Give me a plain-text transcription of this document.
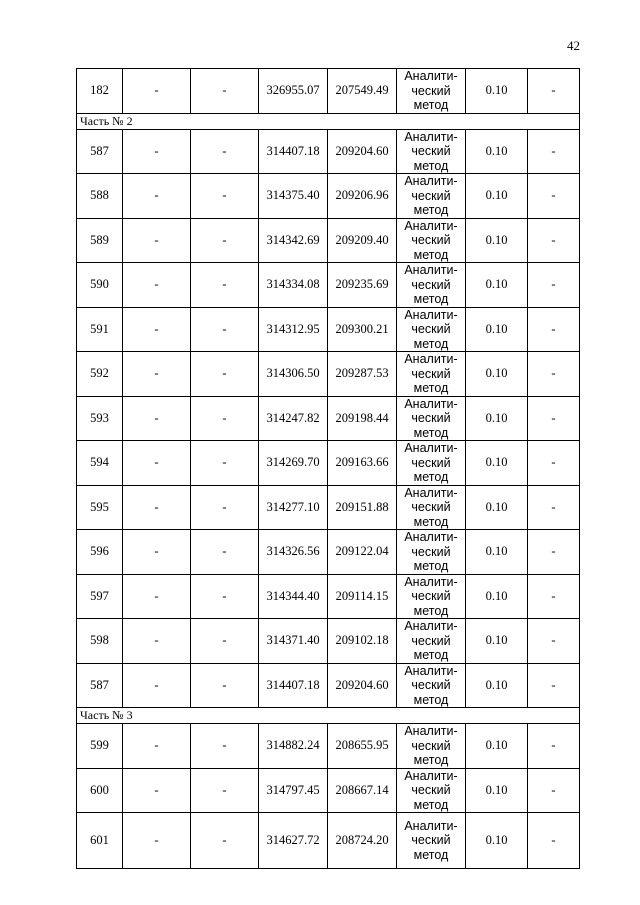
42
182	-	-	326955.07	207549.49	Аналити-
ческий
метод	0.10	-
Часть № 2							
587	-	-	314407.18	209204.60	Аналити-
ческий
метод	0.10	-
588	-	-	314375.40	209206.96	Аналити-
ческий
метод	0.10	-
589	-	-	314342.69	209209.40	Аналити-
ческий
метод	0.10	-
590	-	-	314334.08	209235.69	Аналити-
ческий
метод	0.10	-
591	-	-	314312.95	209300.21	Аналити-
ческий
метод	0.10	-
592	-	-	314306.50	209287.53	Аналити-
ческий
метод	0.10	-
593	-	-	314247.82	209198.44	Аналити-
ческий
метод	0.10	-
594	-	-	314269.70	209163.66	Аналити-
ческий
метод	0.10	-
595	-	-	314277.10	209151.88	Аналити-
ческий
метод	0.10	-
596	-	-	314326.56	209122.04	Аналити-
ческий
метод	0.10	-
597	-	-	314344.40	209114.15	Аналити-
ческий
метод	0.10	-
598	-	-	314371.40	209102.18	Аналити-
ческий
метод	0.10	-
587	-	-	314407.18	209204.60	Аналити-
ческий
метод	0.10	-
Часть № 3							
599	-	-	314882.24	208655.95	Аналити-
ческий
метод	0.10	-
600	-	-	314797.45	208667.14	Аналити-
ческий
метод	0.10	-
601	-	-	314627.72	208724.20	Аналити-
ческий
метод	0.10	-
